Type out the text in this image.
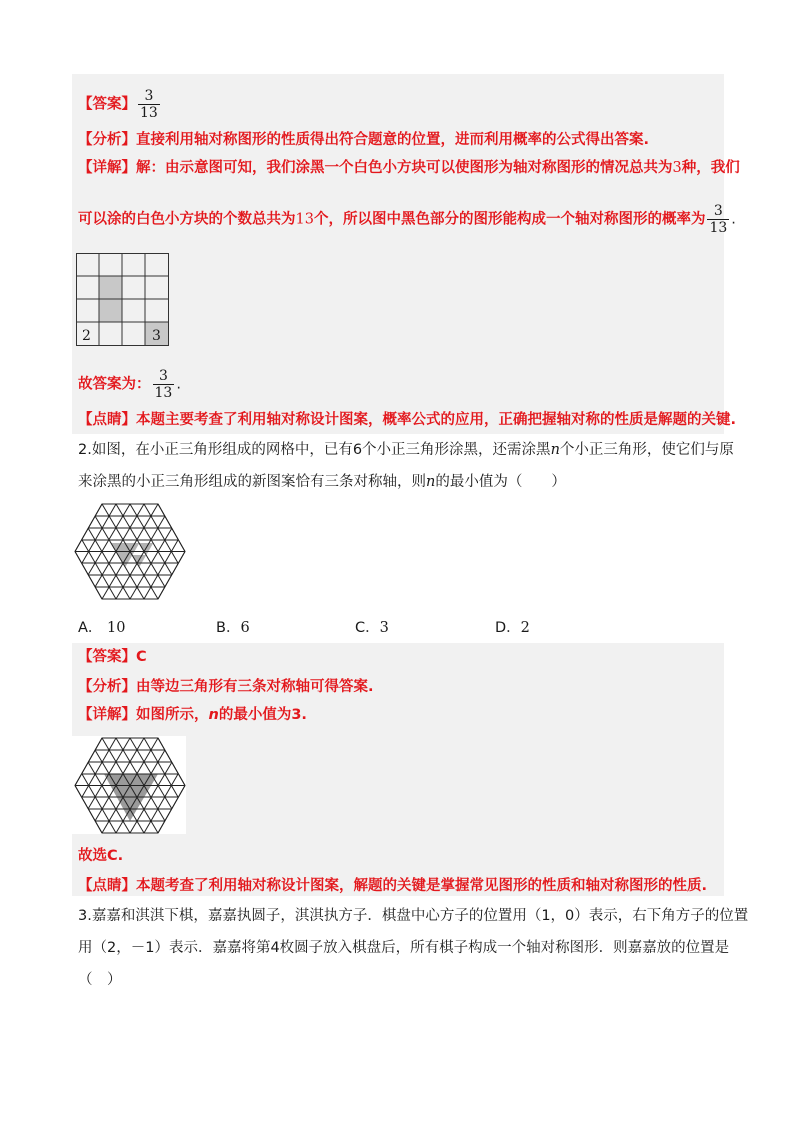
【答案】 $\frac{3}{13}$
【分析】直接利用轴对称图形的性质得出符合题意的位置，进而利用概率的公式得出答案.
【详解】解：由示意图可知，我们涂黑一个白色小方块可以使图形为轴对称图形的情况总共为3种，我们
可以涂的白色小方块的个数总共为13个，所以图中黑色部分的图形能构成一个轴对称图形的概率为 $\frac{3}{13}$ .
2	3
故答案为： $\frac{3}{13}$ .
【点睛】本题主要考查了利用轴对称设计图案，概率公式的应用，正确把握轴对称的性质是解题的关键.
2.如图，在小正三角形组成的网格中，已有6个小正三角形涂黑，还需涂黑n个小正三角形，使它们与原
来涂黑的小正三角形组成的新图案恰有三条对称轴，则n的最小值为（　　）
A． 10	B．6	C．3	D．2
【答案】C
【分析】由等边三角形有三条对称轴可得答案.
【详解】如图所示，n的最小值为3.
故选C.
【点睛】本题考查了利用轴对称设计图案，解题的关键是掌握常见图形的性质和轴对称图形的性质.
3.嘉嘉和淇淇下棋，嘉嘉执圆子，淇淇执方子．棋盘中心方子的位置用（1，0）表示，右下角方子的位置
用（2，－1）表示．嘉嘉将第4枚圆子放入棋盘后，所有棋子构成一个轴对称图形．则嘉嘉放的位置是
（　）
